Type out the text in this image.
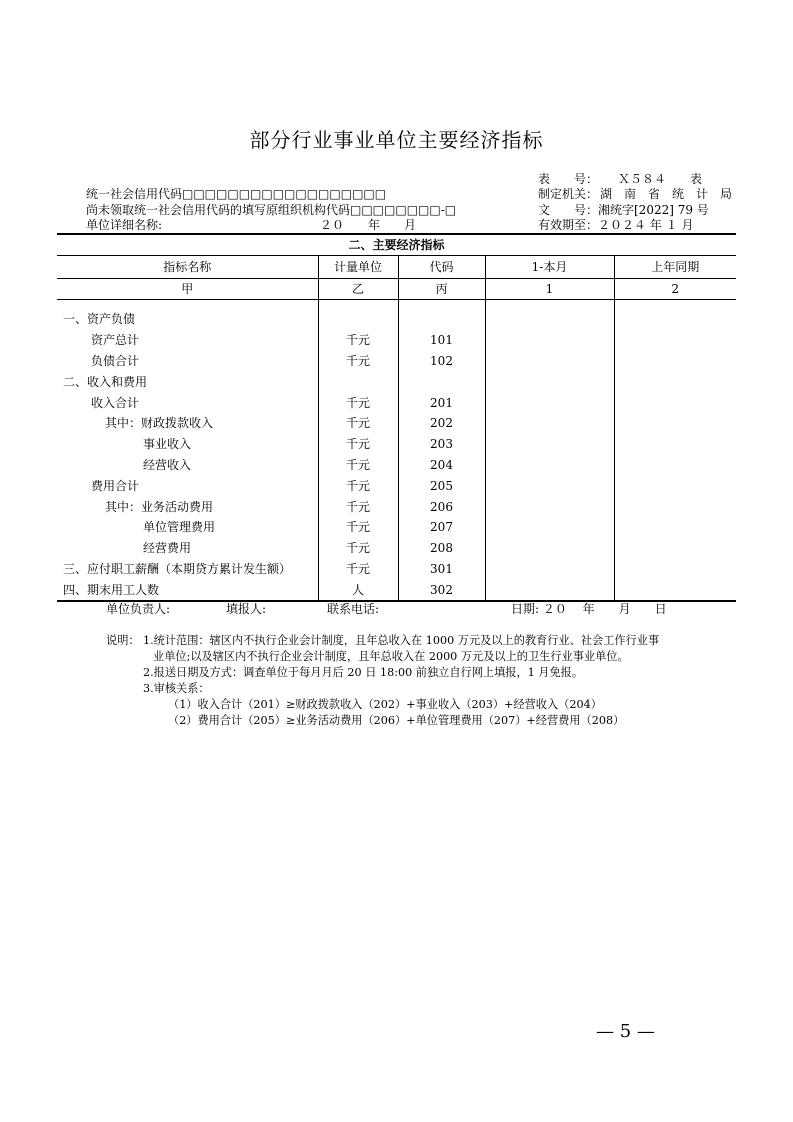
部分行业事业单位主要经济指标
统一社会信用代码□□□□□□□□□□□□□□□□□□
尚未领取统一社会信用代码的填写原组织机构代码□□□□□□□□-□
单位详细名称:	２０　　年　　月
表　　号： Ｘ５８４　　表
制定机关： 湖　南　省　统　计　局
文　　号： 湘统字[2022] 79 号
有效期至： ２０２４ 年 １ 月
二、主要经济指标				
指标名称	计量单位	代码	1-本月	上年同期
甲	乙	丙	1	2

一、资产负债				
资产总计	千元	101		
负债合计	千元	102		
二、收入和费用				
收入合计	千元	201		
其中：财政拨款收入	千元	202		
事业收入	千元	203		
经营收入	千元	204		
费用合计	千元	205		
其中：业务活动费用	千元	206		
单位管理费用	千元	207		
经营费用	千元	208		
三、应付职工薪酬（本期贷方累计发生额）	千元	301		
四、期末用工人数	人	302		
单位负责人:	填报人:	联系电话:	日期: ２０　 年　　月　　日
说明： 1.统计范围：辖区内不执行企业会计制度，且年总收入在 1000 万元及以上的教育行业、社会工作行业事
业单位;以及辖区内不执行企业会计制度，且年总收入在 2000 万元及以上的卫生行业事业单位。
2.报送日期及方式：调查单位于每月月后 20 日 18:00 前独立自行网上填报，1 月免报。
3.审核关系：
（1）收入合计（201）≥财政拨款收入（202）+事业收入（203）+经营收入（204）
（2）费用合计（205）≥业务活动费用（206）+单位管理费用（207）+经营费用（208）
— 5 —
